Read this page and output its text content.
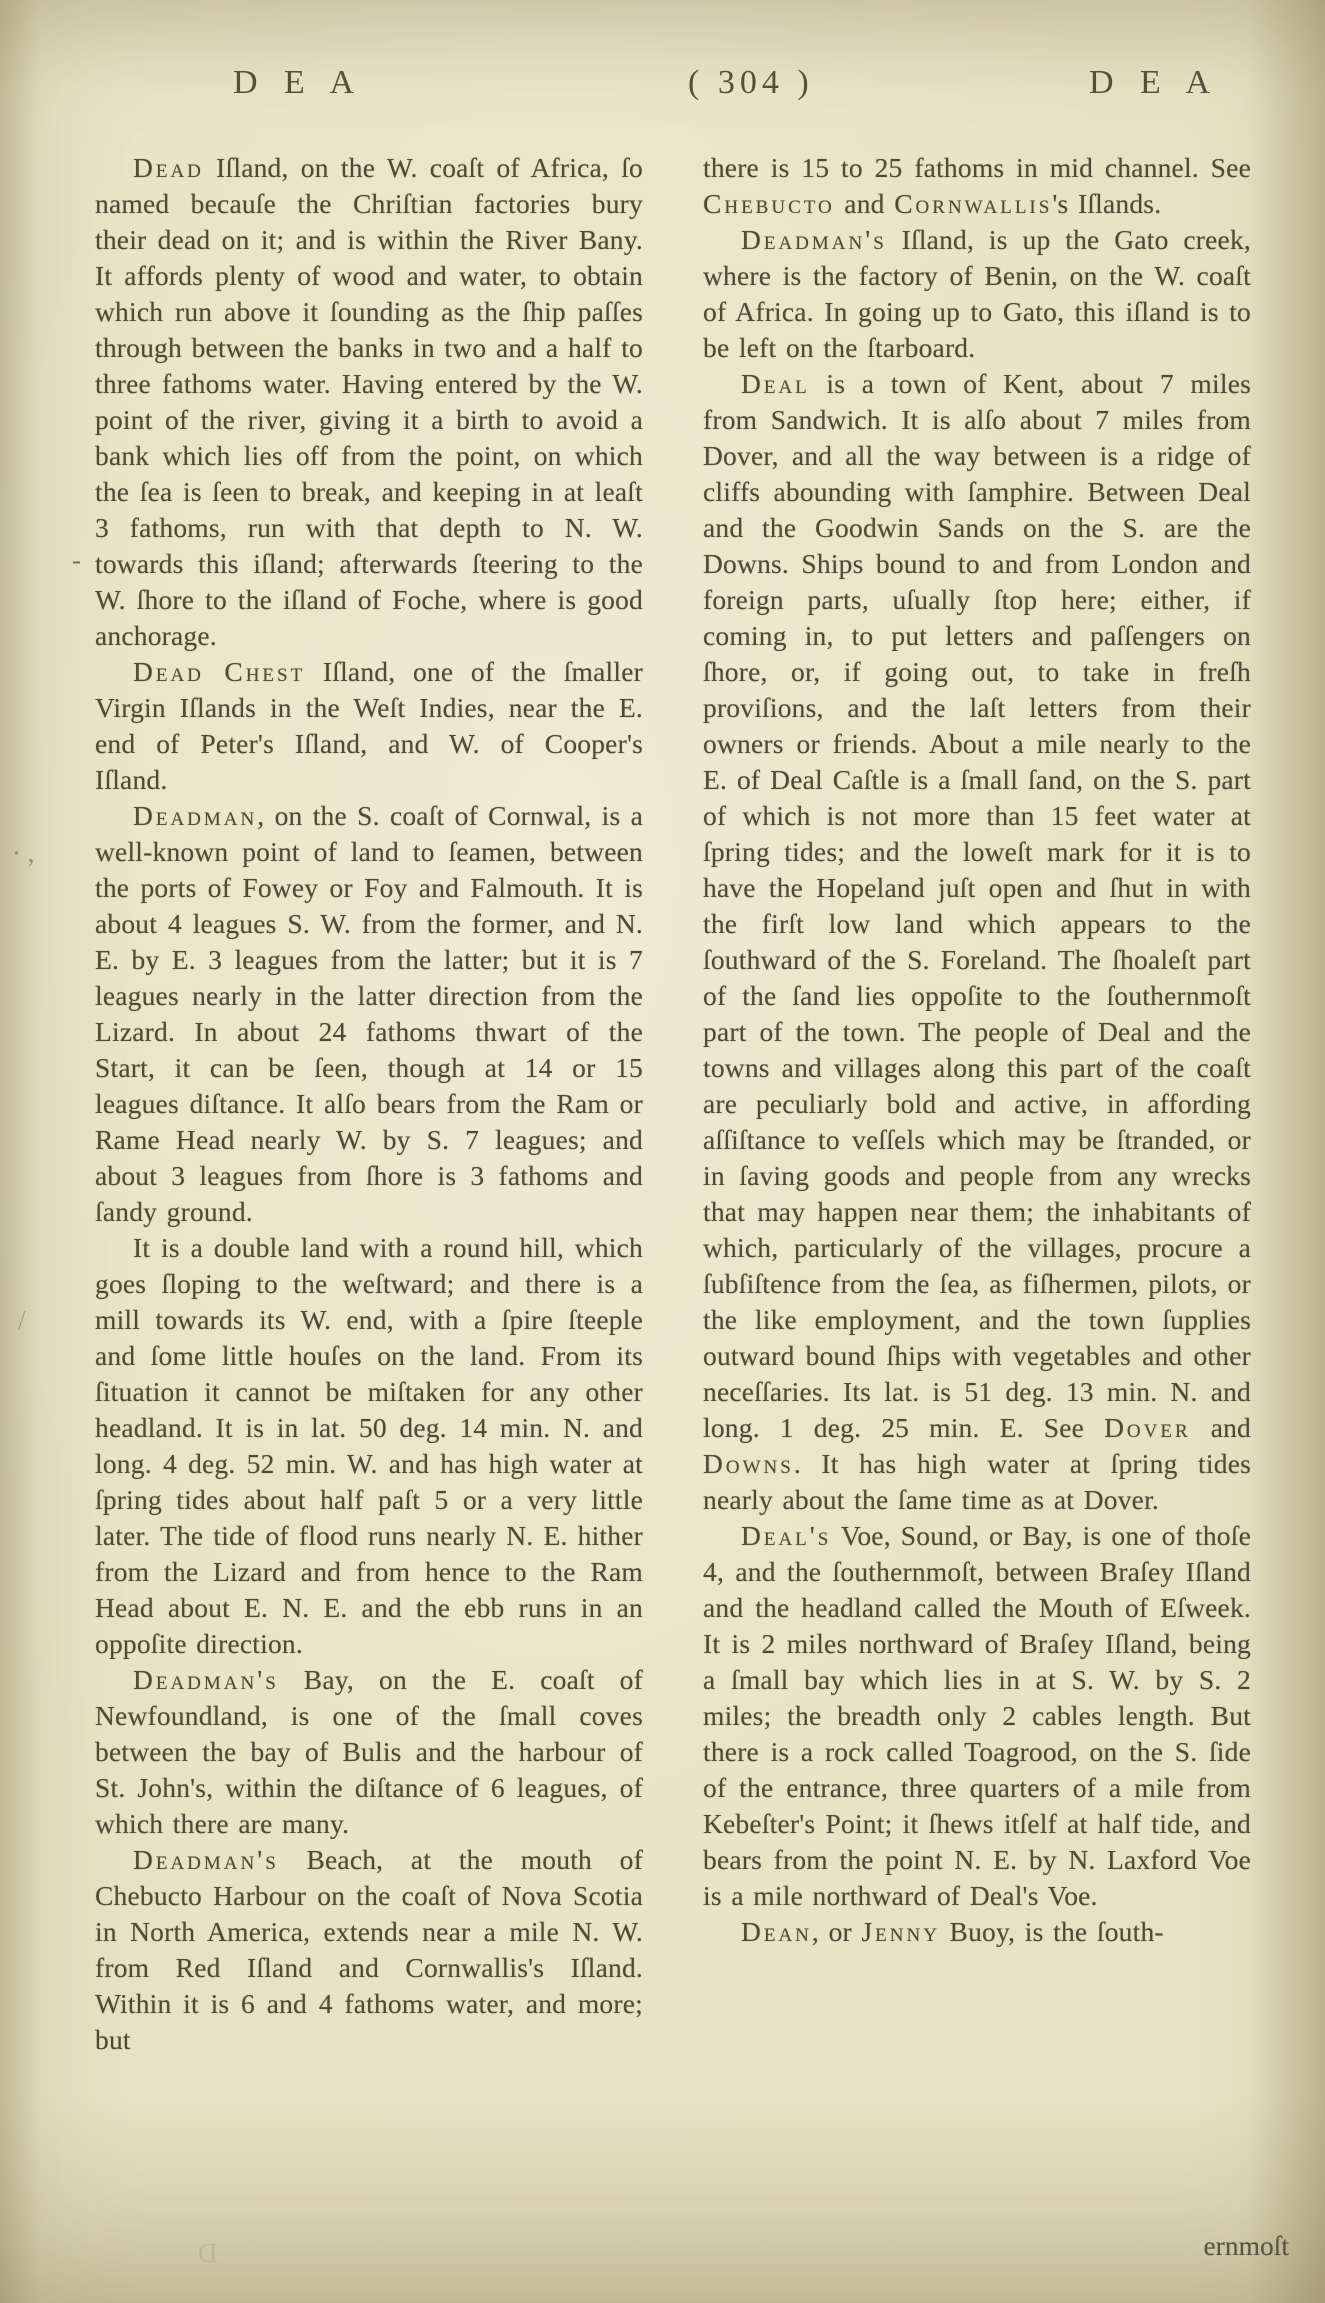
D E A	( 304 )	D E A

Dead Iſland, on the W. coaſt of Africa, ſo named becauſe the Chriſtian factories bury their dead on it; and is within the River Bany. It affords plenty of wood and water, to obtain which run above it ſounding as the ſhip paſſes through between the banks in two and a half to three fathoms water. Having entered by the W. point of the river, giving it a birth to avoid a bank which lies off from the point, on which the ſea is ſeen to break, and keeping in at leaſt 3 fathoms, run with that depth to N. W. towards this iſland; afterwards ſteering to the W. ſhore to the iſland of Foche, where is good anchorage.

Dead Chest Iſland, one of the ſmaller Virgin Iſlands in the Weſt Indies, near the E. end of Peter's Iſland, and W. of Cooper's Iſland.

Deadman, on the S. coaſt of Cornwal, is a well-known point of land to ſeamen, between the ports of Fowey or Foy and Falmouth. It is about 4 leagues S. W. from the former, and N. E. by E. 3 leagues from the latter; but it is 7 leagues nearly in the latter direction from the Lizard. In about 24 fathoms thwart of the Start, it can be ſeen, though at 14 or 15 leagues diſtance. It alſo bears from the Ram or Rame Head nearly W. by S. 7 leagues; and about 3 leagues from ſhore is 3 fathoms and ſandy ground.

It is a double land with a round hill, which goes ſloping to the weſtward; and there is a mill towards its W. end, with a ſpire ſteeple and ſome little houſes on the land. From its ſituation it cannot be miſtaken for any other headland. It is in lat. 50 deg. 14 min. N. and long. 4 deg. 52 min. W. and has high water at ſpring tides about half paſt 5 or a very little later. The tide of flood runs nearly N. E. hither from the Lizard and from hence to the Ram Head about E. N. E. and the ebb runs in an oppoſite direction.

Deadman's Bay, on the E. coaſt of Newfoundland, is one of the ſmall coves between the bay of Bulis and the harbour of St. John's, within the diſtance of 6 leagues, of which there are many.

Deadman's Beach, at the mouth of Chebucto Harbour on the coaſt of Nova Scotia in North America, extends near a mile N. W. from Red Iſland and Cornwallis's Iſland. Within it is 6 and 4 fathoms water, and more; but

there is 15 to 25 fathoms in mid channel. See Chebucto and Cornwallis's Iſlands.

Deadman's Iſland, is up the Gato creek, where is the factory of Benin, on the W. coaſt of Africa. In going up to Gato, this iſland is to be left on the ſtarboard.

Deal is a town of Kent, about 7 miles from Sandwich. It is alſo about 7 miles from Dover, and all the way between is a ridge of cliffs abounding with ſamphire. Between Deal and the Goodwin Sands on the S. are the Downs. Ships bound to and from London and foreign parts, uſually ſtop here; either, if coming in, to put letters and paſſengers on ſhore, or, if going out, to take in freſh proviſions, and the laſt letters from their owners or friends. About a mile nearly to the E. of Deal Caſtle is a ſmall ſand, on the S. part of which is not more than 15 feet water at ſpring tides; and the loweſt mark for it is to have the Hopeland juſt open and ſhut in with the firſt low land which appears to the ſouthward of the S. Foreland. The ſhoaleſt part of the ſand lies oppoſite to the ſouthernmoſt part of the town. The people of Deal and the towns and villages along this part of the coaſt are peculiarly bold and active, in affording aſſiſtance to veſſels which may be ſtranded, or in ſaving goods and people from any wrecks that may happen near them; the inhabitants of which, particularly of the villages, procure a ſubſiſtence from the ſea, as fiſhermen, pilots, or the like employment, and the town ſupplies outward bound ſhips with vegetables and other neceſſaries. Its lat. is 51 deg. 13 min. N. and long. 1 deg. 25 min. E. See Dover and Downs. It has high water at ſpring tides nearly about the ſame time as at Dover.

Deal's Voe, Sound, or Bay, is one of thoſe 4, and the ſouthernmoſt, between Braſey Iſland and the headland called the Mouth of Eſweek. It is 2 miles northward of Braſey Iſland, being a ſmall bay which lies in at S. W. by S. 2 miles; the breadth only 2 cables length. But there is a rock called Toagrood, on the S. ſide of the entrance, three quarters of a mile from Kebeſter's Point; it ſhews itſelf at half tide, and bears from the point N. E. by N. Laxford Voe is a mile northward of Deal's Voe.

Dean, or Jenny Buoy, is the ſouth-

ernmoſt
-
· ,
/
D
